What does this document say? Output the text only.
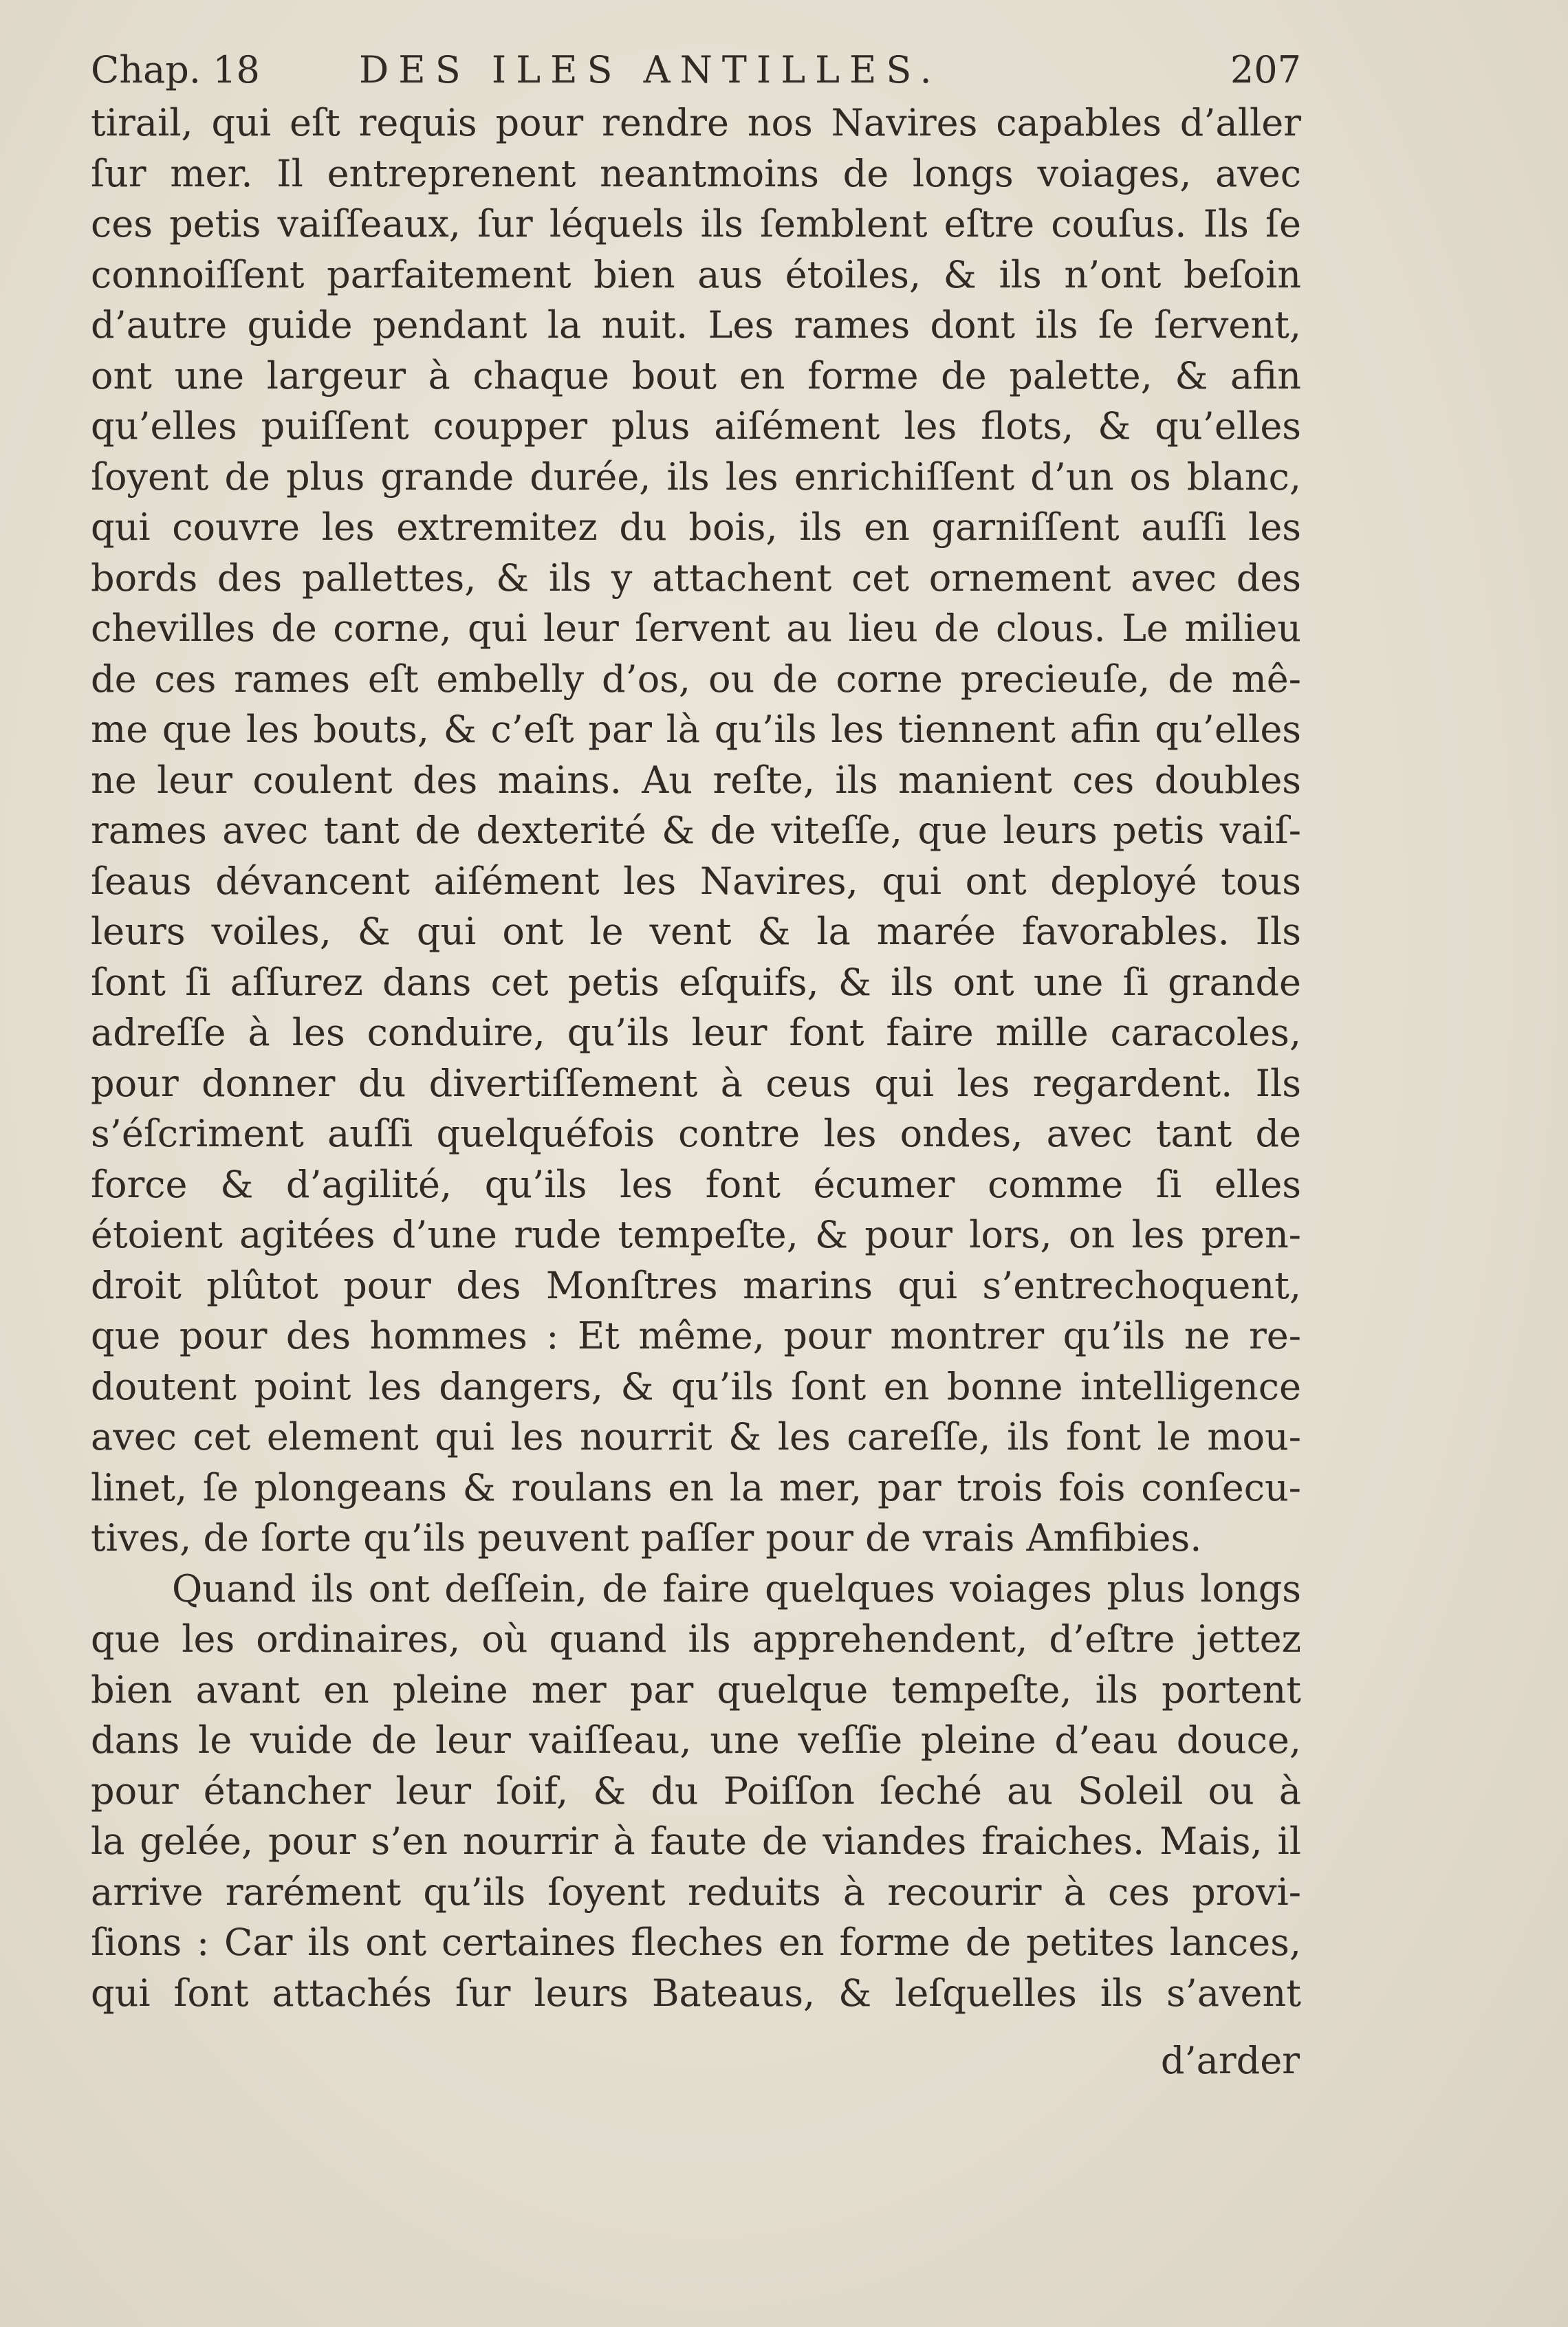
Chap. 18	DES ILES ANTILLES.	207
tirail, qui eſt requis pour rendre nos Navires capables d’aller
ſur mer. Il entreprenent neantmoins de longs voiages, avec
ces petis vaiſſeaux, ſur léquels ils ſemblent eſtre couſus. Ils ſe
connoiſſent parfaitement bien aus étoiles, & ils n’ont beſoin
d’autre guide pendant la nuit. Les rames dont ils ſe ſervent,
ont une largeur à chaque bout en forme de palette, & afin
qu’elles puiſſent coupper plus aiſément les flots, & qu’elles
ſoyent de plus grande durée, ils les enrichiſſent d’un os blanc,
qui couvre les extremitez du bois, ils en garniſſent auſſi les
bords des pallettes, & ils y attachent cet ornement avec des
chevilles de corne, qui leur ſervent au lieu de clous. Le milieu
de ces rames eſt embelly d’os, ou de corne precieuſe, de mê-
me que les bouts, & c’eſt par là qu’ils les tiennent afin qu’elles
ne leur coulent des mains. Au reſte, ils manient ces doubles
rames avec tant de dexterité & de viteſſe, que leurs petis vaiſ-
ſeaus dévancent aiſément les Navires, qui ont deployé tous
leurs voiles, & qui ont le vent & la marée favorables. Ils
ſont ſi aſſurez dans cet petis eſquifs, & ils ont une ſi grande
adreſſe à les conduire, qu’ils leur font faire mille caracoles,
pour donner du divertiſſement à ceus qui les regardent. Ils
s’éſcriment auſſi quelquéfois contre les ondes, avec tant de
force & d’agilité, qu’ils les font écumer comme ſi elles
étoient agitées d’une rude tempeſte, & pour lors, on les pren-
droit plûtot pour des Monſtres marins qui s’entrechoquent,
que pour des hommes : Et même, pour montrer qu’ils ne re-
doutent point les dangers, & qu’ils ſont en bonne intelligence
avec cet element qui les nourrit & les careſſe, ils font le mou-
linet, ſe plongeans & roulans en la mer, par trois fois conſecu-
tives, de ſorte qu’ils peuvent paſſer pour de vrais Amfibies.
Quand ils ont deſſein, de faire quelques voiages plus longs
que les ordinaires, où quand ils apprehendent, d’eſtre jettez
bien avant en pleine mer par quelque tempeſte, ils portent
dans le vuide de leur vaiſſeau, une veſſie pleine d’eau douce,
pour étancher leur ſoif, & du Poiſſon ſeché au Soleil ou à
la gelée, pour s’en nourrir à faute de viandes fraiches. Mais, il
arrive rarément qu’ils ſoyent reduits à recourir à ces provi-
ſions : Car ils ont certaines fleches en forme de petites lances,
qui ſont attachés ſur leurs Bateaus, & leſquelles ils s’avent
d’arder
